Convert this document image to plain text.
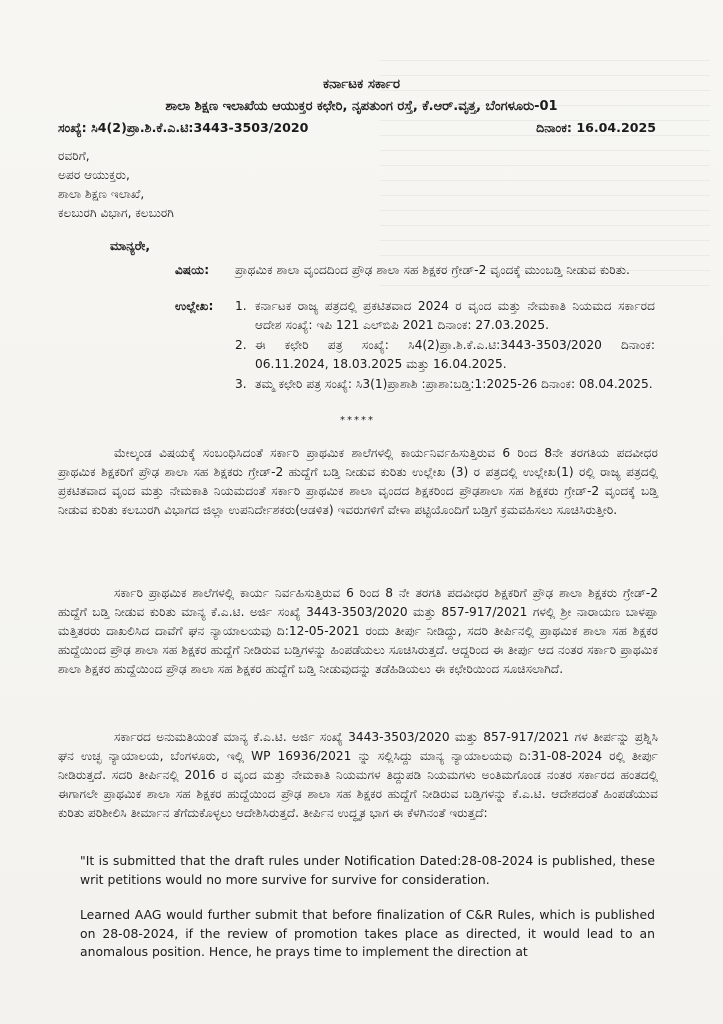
ಕರ್ನಾಟಕ ಸರ್ಕಾರ
ಶಾಲಾ ಶಿಕ್ಷಣ ಇಲಾಖೆಯ ಆಯುಕ್ತರ ಕಛೇರಿ, ನೃಪತುಂಗ ರಸ್ತೆ, ಕೆ.ಆರ್.ವೃತ್ತ, ಬೆಂಗಳೂರು-01
ಸಂಖ್ಯೆ: ಸಿ4(2)ಪ್ರಾ.ಶಿ.ಕೆ.ಎ.ಟಿ:3443-3503/2020	ದಿನಾಂಕ: 16.04.2025
ರವರಿಗೆ,
ಅಪರ ಆಯುಕ್ತರು,
ಶಾಲಾ ಶಿಕ್ಷಣ ಇಲಾಖೆ,
ಕಲಬುರಗಿ ವಿಭಾಗ, ಕಲಬುರಗಿ
ಮಾನ್ಯರೇ,
ವಿಷಯ:	ಪ್ರಾಥಮಿಕ ಶಾಲಾ ವೃಂದದಿಂದ ಪ್ರೌಢ ಶಾಲಾ ಸಹ ಶಿಕ್ಷಕರ ಗ್ರೇಡ್-2 ವೃಂದಕ್ಕೆ ಮುಂಬಡ್ತಿ ನೀಡುವ ಕುರಿತು.
ಉಲ್ಲೇಖ:	1. ಕರ್ನಾಟಕ ರಾಜ್ಯ ಪತ್ರದಲ್ಲಿ ಪ್ರಕಟಿತವಾದ 2024 ರ ವೃಂದ ಮತ್ತು ನೇಮಕಾತಿ ನಿಯಮದ ಸರ್ಕಾರದ ಆದೇಶ ಸಂಖ್ಯೆ: ಇಪಿ 121 ಎಲ್‌ಬಿಪಿ 2021 ದಿನಾಂಕ: 27.03.2025.
2. ಈ ಕಛೇರಿ ಪತ್ರ ಸಂಖ್ಯೆ: ಸಿ4(2)ಪ್ರಾ.ಶಿ.ಕೆ.ಎ.ಟಿ:3443-3503/2020 ದಿನಾಂಕ: 06.11.2024, 18.03.2025 ಮತ್ತು 16.04.2025.
3. ತಮ್ಮ ಕಛೇರಿ ಪತ್ರ ಸಂಖ್ಯೆ: ಸಿ3(1)ಪ್ರಾಶಾಶಿ :ಪ್ರಾಶಾ:ಬಡ್ತಿ:1:2025-26 ದಿನಾಂಕ: 08.04.2025.
*****

ಮೇಲ್ಕಂಡ ವಿಷಯಕ್ಕೆ ಸಂಬಂಧಿಸಿದಂತೆ ಸರ್ಕಾರಿ ಪ್ರಾಥಮಿಕ ಶಾಲೆಗಳಲ್ಲಿ ಕಾರ್ಯನಿರ್ವಹಿಸುತ್ತಿರುವ 6 ರಿಂದ 8ನೇ ತರಗತಿಯ ಪದವೀಧರ ಪ್ರಾಥಮಿಕ ಶಿಕ್ಷಕರಿಗೆ ಪ್ರೌಢ ಶಾಲಾ ಸಹ ಶಿಕ್ಷಕರು ಗ್ರೇಡ್-2 ಹುದ್ದೆಗೆ ಬಡ್ತಿ ನೀಡುವ ಕುರಿತು ಉಲ್ಲೇಖ (3) ರ ಪತ್ರದಲ್ಲಿ ಉಲ್ಲೇಖ(1) ರಲ್ಲಿ ರಾಜ್ಯ ಪತ್ರದಲ್ಲಿ ಪ್ರಕಟಿತವಾದ ವೃಂದ ಮತ್ತು ನೇಮಕಾತಿ ನಿಯಮದಂತೆ ಸರ್ಕಾರಿ ಪ್ರಾಥಮಿಕ ಶಾಲಾ ವೃಂದದ ಶಿಕ್ಷಕರಿಂದ ಪ್ರೌಢಶಾಲಾ ಸಹ ಶಿಕ್ಷಕರು ಗ್ರೇಡ್-2 ವೃಂದಕ್ಕೆ ಬಡ್ತಿ ನೀಡುವ ಕುರಿತು ಕಲಬುರಗಿ ವಿಭಾಗದ ಜಿಲ್ಲಾ ಉಪನಿರ್ದೇಶಕರು(ಆಡಳಿತ) ಇವರುಗಳಿಗೆ ವೇಳಾ ಪಟ್ಟಿಯೊಂದಿಗೆ ಬಡ್ತಿಗೆ ಕ್ರಮವಹಿಸಲು ಸೂಚಿಸಿರುತ್ತೀರಿ.

ಸರ್ಕಾರಿ ಪ್ರಾಥಮಿಕ ಶಾಲೆಗಳಲ್ಲಿ ಕಾರ್ಯ ನಿರ್ವಹಿಸುತ್ತಿರುವ 6 ರಿಂದ 8 ನೇ ತರಗತಿ ಪದವೀಧರ ಶಿಕ್ಷಕರಿಗೆ ಪ್ರೌಢ ಶಾಲಾ ಶಿಕ್ಷಕರು ಗ್ರೇಡ್-2 ಹುದ್ದೆಗೆ ಬಡ್ತಿ ನೀಡುವ ಕುರಿತು ಮಾನ್ಯ ಕೆ.ಎ.ಟಿ. ಅರ್ಜಿ ಸಂಖ್ಯೆ 3443-3503/2020 ಮತ್ತು 857-917/2021 ಗಳಲ್ಲಿ ಶ್ರೀ ನಾರಾಯಣ ಬಾಳಪ್ಪಾ ಮತ್ತಿತರರು ದಾಖಲಿಸಿದ ದಾವೆಗೆ ಘನ ನ್ಯಾಯಾಲಯವು ದಿ:12-05-2021 ರಂದು ತೀರ್ಪು ನೀಡಿದ್ದು, ಸದರಿ ತೀರ್ಪಿನಲ್ಲಿ ಪ್ರಾಥಮಿಕ ಶಾಲಾ ಸಹ ಶಿಕ್ಷಕರ ಹುದ್ದೆಯಿಂದ ಪ್ರೌಢ ಶಾಲಾ ಸಹ ಶಿಕ್ಷಕರ ಹುದ್ದೆಗೆ ನೀಡಿರುವ ಬಡ್ತಿಗಳನ್ನು ಹಿಂಪಡೆಯಲು ಸೂಚಿಸಿರುತ್ತದೆ. ಆದ್ದರಿಂದ ಈ ತೀರ್ಪು ಆದ ನಂತರ ಸರ್ಕಾರಿ ಪ್ರಾಥಮಿಕ ಶಾಲಾ ಶಿಕ್ಷಕರ ಹುದ್ದೆಯಿಂದ ಪ್ರೌಢ ಶಾಲಾ ಸಹ ಶಿಕ್ಷಕರ ಹುದ್ದೆಗೆ ಬಡ್ತಿ ನೀಡುವುದನ್ನು ತಡೆಹಿಡಿಯಲು ಈ ಕಛೇರಿಯಿಂದ ಸೂಚಿಸಲಾಗಿದೆ.

ಸರ್ಕಾರದ ಅನುಮತಿಯಂತೆ ಮಾನ್ಯ ಕೆ.ಎ.ಟಿ. ಅರ್ಜಿ ಸಂಖ್ಯೆ 3443-3503/2020 ಮತ್ತು 857-917/2021 ಗಳ ತೀರ್ಪನ್ನು ಪ್ರಶ್ನಿಸಿ ಘನ ಉಚ್ಛ ನ್ಯಾಯಾಲಯ, ಬೆಂಗಳೂರು, ಇಲ್ಲಿ WP 16936/2021 ನ್ನು ಸಲ್ಲಿಸಿದ್ದು ಮಾನ್ಯ ನ್ಯಾಯಾಲಯವು ದಿ:31-08-2024 ರಲ್ಲಿ ತೀರ್ಪು ನೀಡಿರುತ್ತದೆ. ಸದರಿ ತೀರ್ಪಿನಲ್ಲಿ 2016 ರ ವೃಂದ ಮತ್ತು ನೇಮಕಾತಿ ನಿಯಮಗಳ ತಿದ್ದುಪಡಿ ನಿಯಮಗಳು ಅಂತಿಮಗೊಂಡ ನಂತರ ಸರ್ಕಾರದ ಹಂತದಲ್ಲಿ ಈಗಾಗಲೇ ಪ್ರಾಥಮಿಕ ಶಾಲಾ ಸಹ ಶಿಕ್ಷಕರ ಹುದ್ದೆಯಿಂದ ಪ್ರೌಢ ಶಾಲಾ ಸಹ ಶಿಕ್ಷಕರ ಹುದ್ದೆಗೆ ನೀಡಿರುವ ಬಡ್ತಿಗಳನ್ನು ಕೆ.ಎ.ಟಿ. ಆದೇಶದಂತೆ ಹಿಂಪಡೆಯುವ ಕುರಿತು ಪರಿಶೀಲಿಸಿ ತೀರ್ಮಾನ ತೆಗೆದುಕೊಳ್ಳಲು ಆದೇಶಿಸಿರುತ್ತದೆ. ತೀರ್ಪಿನ ಉದ್ಧೃತ ಭಾಗ ಈ ಕೆಳಗಿನಂತೆ ಇರುತ್ತದೆ:

"It is submitted that the draft rules under Notification Dated:28-08-2024 is published, these writ petitions would no more survive for survive for consideration.
Learned AAG would further submit that before finalization of C&R Rules, which is published on 28-08-2024, if the review of promotion takes place as directed, it would lead to an anomalous position. Hence, he prays time to implement the direction at
